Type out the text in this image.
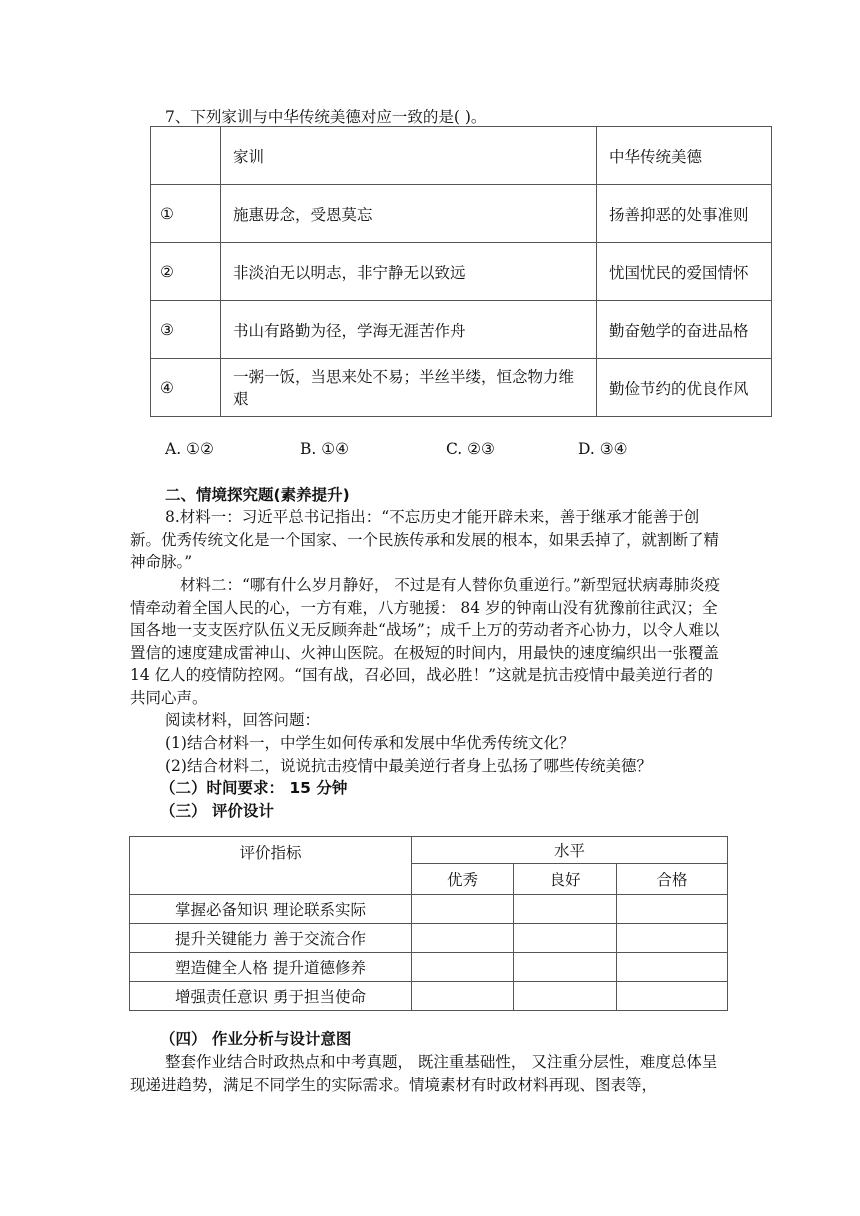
7、下列家训与中华传统美德对应一致的是( )。
	家训	中华传统美德
①	施惠毋念，受恩莫忘	扬善抑恶的处事准则
②	非淡泊无以明志，非宁静无以致远	忧国忧民的爱国情怀
③	书山有路勤为径，学海无涯苦作舟	勤奋勉学的奋进品格
④	一粥一饭，当思来处不易；半丝半缕，恒念物力维艰	勤俭节约的优良作风
A. ①②	B. ①④	C. ②③	D. ③④
二、情境探究题(素养提升)

8.材料一：习近平总书记指出：“不忘历史才能开辟未来，善于继承才能善于创新。优秀传统文化是一个国家、一个民族传承和发展的根本，如果丢掉了，就割断了精神命脉。”

材料二：“哪有什么岁月静好， 不过是有人替你负重逆行。”新型冠状病毒肺炎疫情牵动着全国人民的心，一方有难，八方驰援： 84 岁的钟南山没有犹豫前往武汉；全国各地一支支医疗队伍义无反顾奔赴“战场”；成千上万的劳动者齐心协力，以令人难以置信的速度建成雷神山、火神山医院。在极短的时间内，用最快的速度编织出一张覆盖 14 亿人的疫情防控网。“国有战，召必回，战必胜！”这就是抗击疫情中最美逆行者的共同心声。

阅读材料，回答问题：
(1)结合材料一，中学生如何传承和发展中华优秀传统文化？
(2)结合材料二，说说抗击疫情中最美逆行者身上弘扬了哪些传统美德？
（二）时间要求： 15 分钟
（三） 评价设计
评价指标	水平		
	优秀	良好	合格
掌握必备知识 理论联系实际			
提升关键能力 善于交流合作			
塑造健全人格 提升道德修养			
增强责任意识 勇于担当使命			
（四） 作业分析与设计意图

整套作业结合时政热点和中考真题， 既注重基础性， 又注重分层性，难度总体呈现递进趋势，满足不同学生的实际需求。情境素材有时政材料再现、图表等，
